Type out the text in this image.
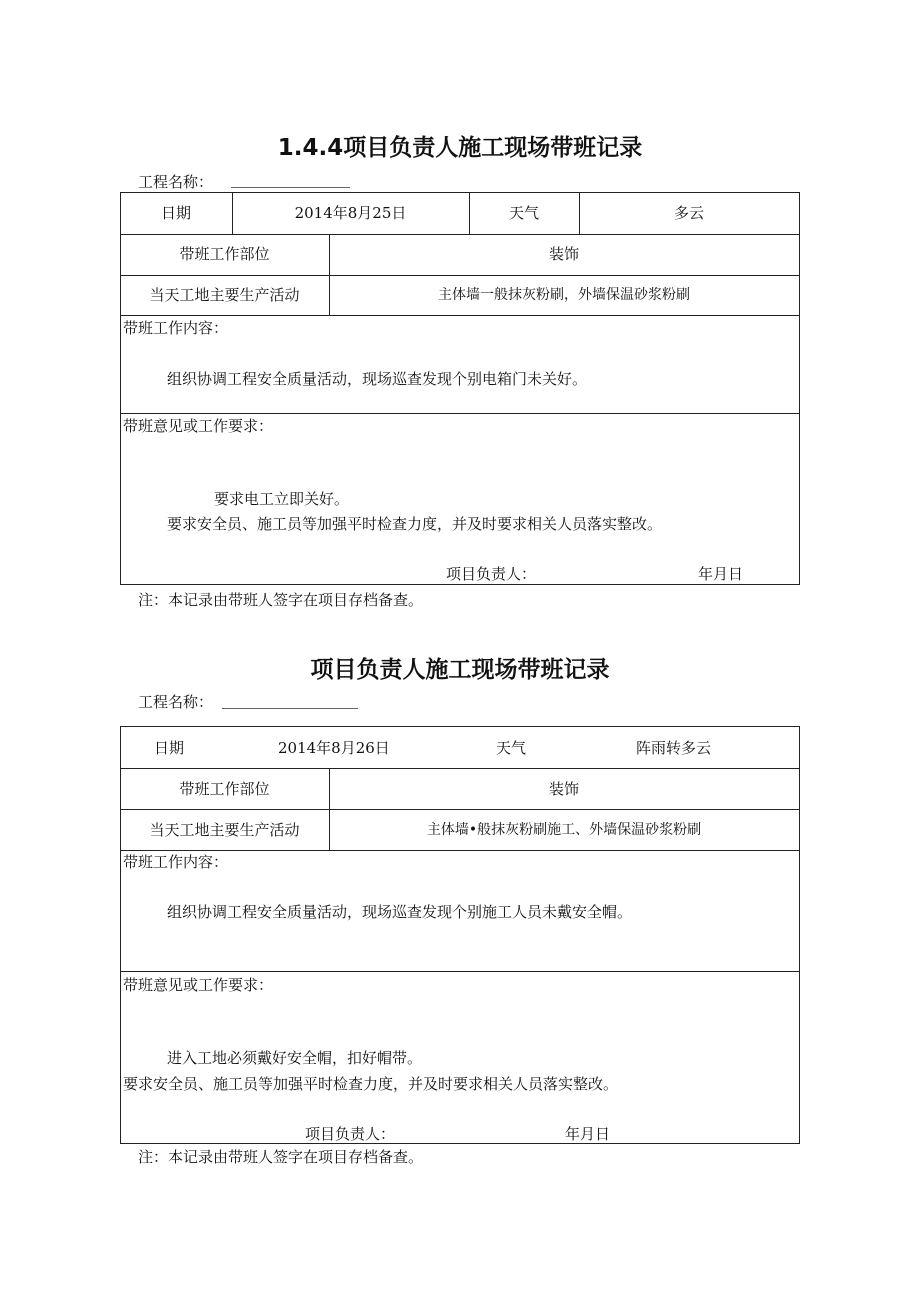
1.4.4项目负责人施工现场带班记录
工程名称：
日期	2014年8月25日	天气	多云
带班工作部位	装饰
当天工地主要生产活动	主体墙一般抹灰粉刷，外墙保温砂浆粉刷
带班工作内容：
组织协调工程安全质量活动，现场巡查发现个别电箱门未关好。
带班意见或工作要求：
要求电工立即关好。
要求安全员、施工员等加强平时检查力度，并及时要求相关人员落实整改。
项目负责人：	年月日
注：本记录由带班人签字在项目存档备查。
项目负责人施工现场带班记录
工程名称：
日期	2014年8月26日	天气	阵雨转多云
带班工作部位	装饰
当天工地主要生产活动	主体墙•般抹灰粉刷施工、外墙保温砂浆粉刷
带班工作内容：
组织协调工程安全质量活动，现场巡查发现个别施工人员未戴安全帽。
带班意见或工作要求：
进入工地必须戴好安全帽，扣好帽带。
要求安全员、施工员等加强平时检查力度，并及时要求相关人员落实整改。
项目负责人：	年月日
注：本记录由带班人签字在项目存档备查。
